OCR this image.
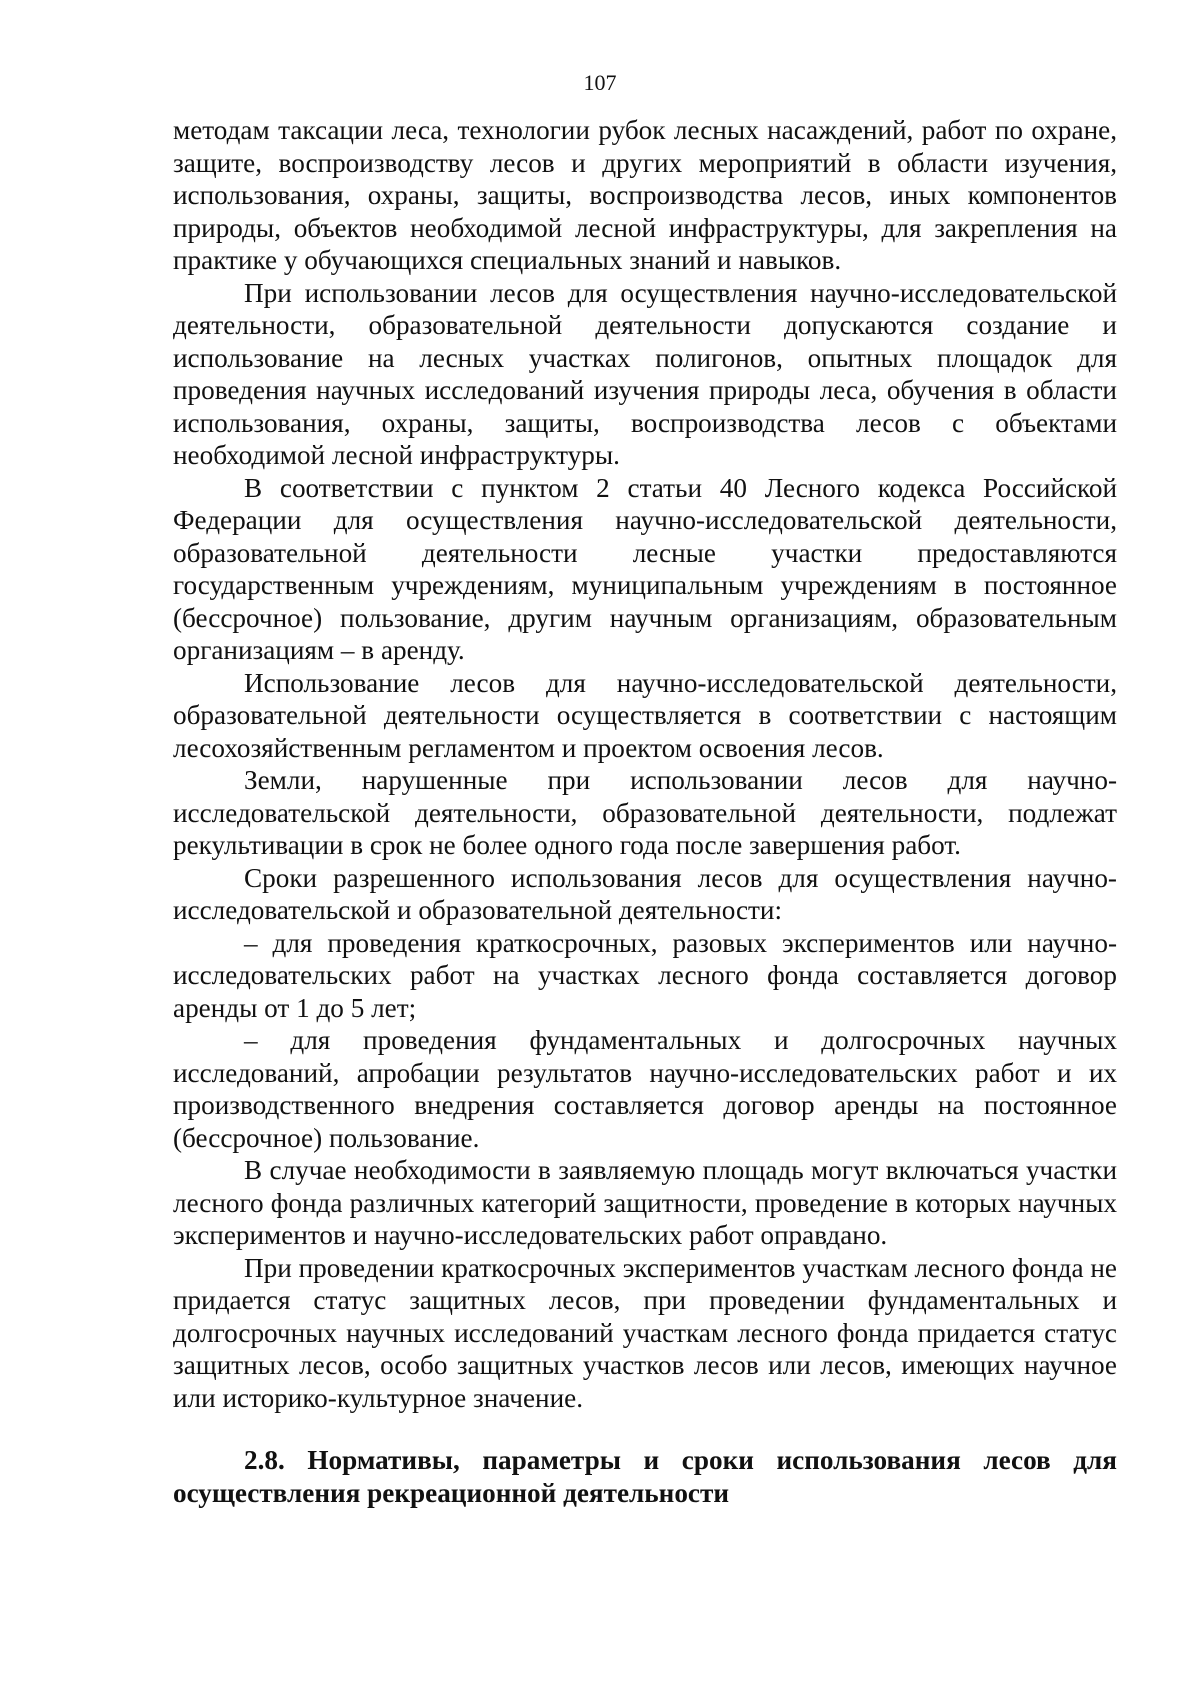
107

методам таксации леса, технологии рубок лесных насаждений, работ по охране, защите, воспроизводству лесов и других мероприятий в области изучения, использования, охраны, защиты, воспроизводства лесов, иных компонентов природы, объектов необходимой лесной инфраструктуры, для закрепления на практике у обучающихся специальных знаний и навыков.

При использовании лесов для осуществления научно-исследовательской деятельности, образовательной деятельности допускаются создание и использование на лесных участках полигонов, опытных площадок для проведения научных исследований изучения природы леса, обучения в области использования, охраны, защиты, воспроизводства лесов с объектами необходимой лесной инфраструктуры.

В соответствии с пунктом 2 статьи 40 Лесного кодекса Российской Федерации для осуществления научно-исследовательской деятельности, образовательной деятельности лесные участки предоставляются государственным учреждениям, муниципальным учреждениям в постоянное (бессрочное) пользование, другим научным организациям, образовательным организациям – в аренду.

Использование лесов для научно-исследовательской деятельности, образовательной деятельности осуществляется в соответствии с настоящим лесохозяйственным регламентом и проектом освоения лесов.

Земли, нарушенные при использовании лесов для научно-исследовательской деятельности, образовательной деятельности, подлежат рекультивации в срок не более одного года после завершения работ.

Сроки разрешенного использования лесов для осуществления научно-исследовательской и образовательной деятельности:

– для проведения краткосрочных, разовых экспериментов или научно-исследовательских работ на участках лесного фонда составляется договор аренды от 1 до 5 лет;

– для проведения фундаментальных и долгосрочных научных исследований, апробации результатов научно-исследовательских работ и их производственного внедрения составляется договор аренды на постоянное (бессрочное) пользование.

В случае необходимости в заявляемую площадь могут включаться участки лесного фонда различных категорий защитности, проведение в которых научных экспериментов и научно-исследовательских работ оправдано.

При проведении краткосрочных экспериментов участкам лесного фонда не придается статус защитных лесов, при проведении фундаментальных и долгосрочных научных исследований участкам лесного фонда придается статус защитных лесов, особо защитных участков лесов или лесов, имеющих научное или историко-культурное значение.

2.8. Нормативы, параметры и сроки использования лесов для осуществления рекреационной деятельности
